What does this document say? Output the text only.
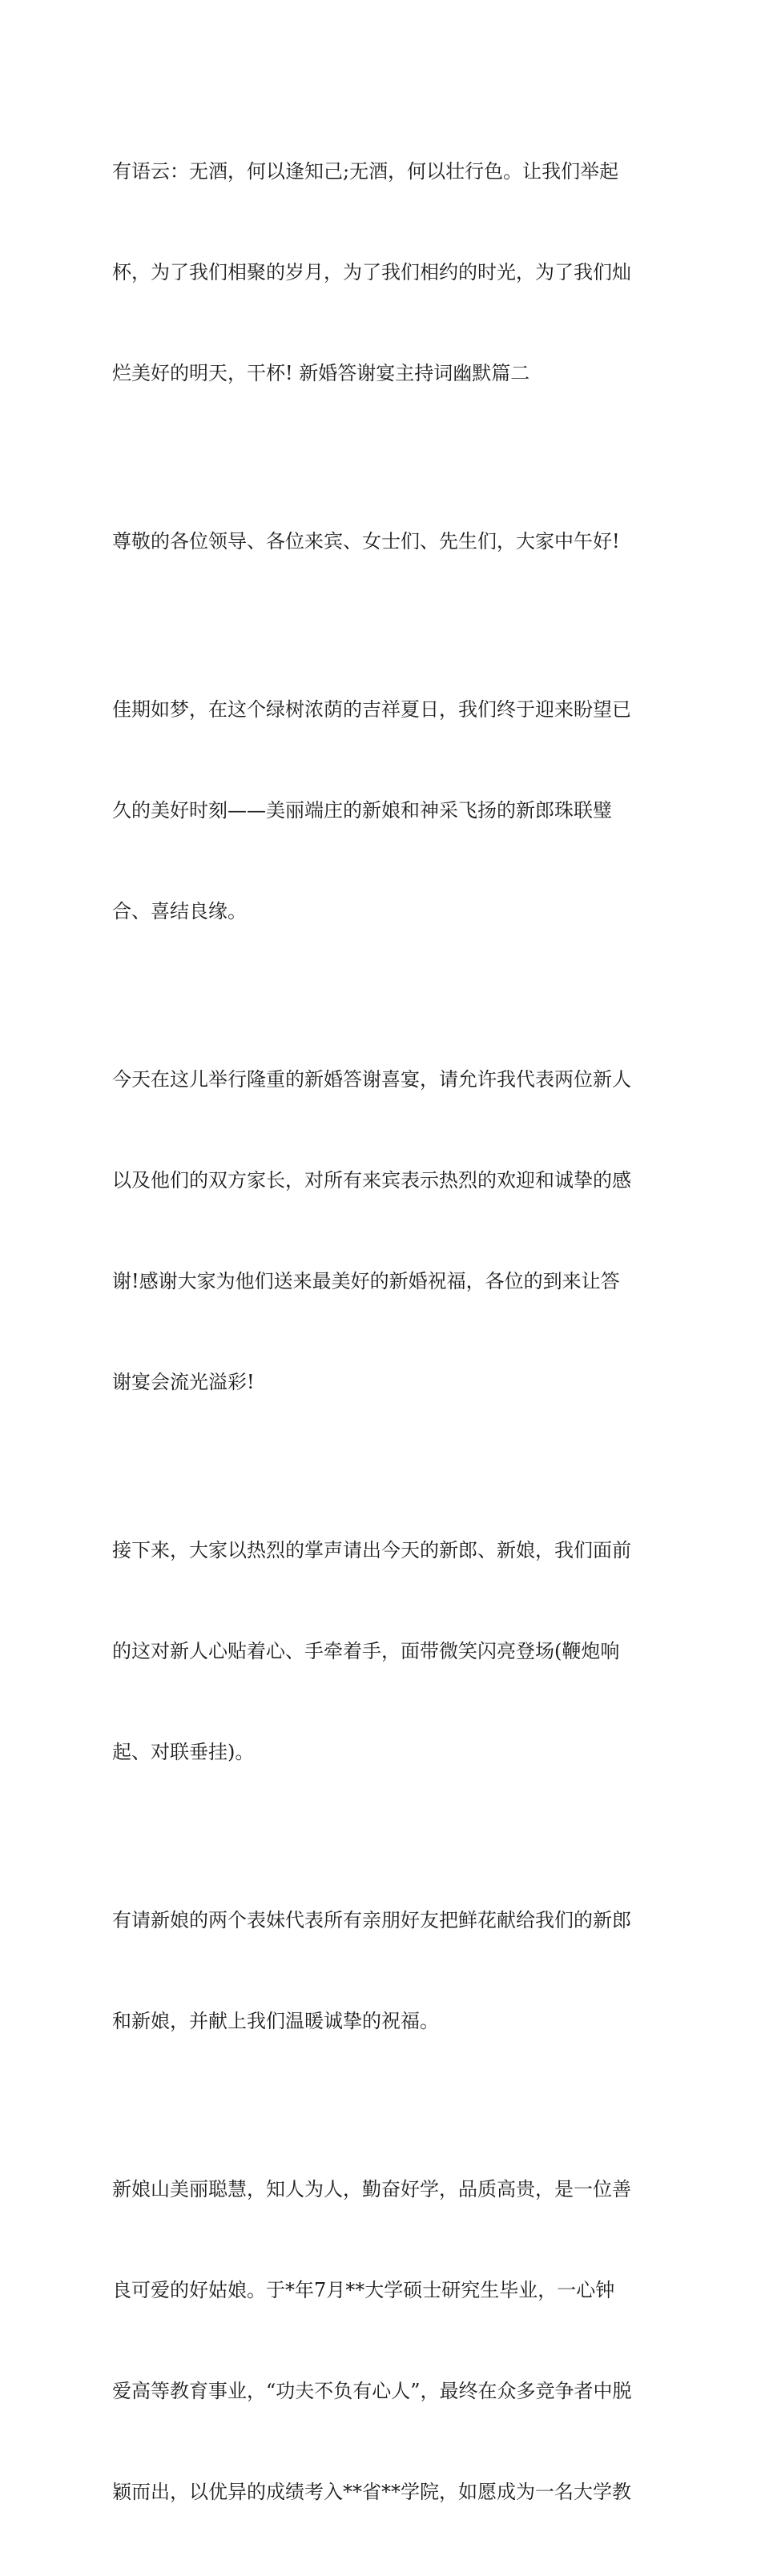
有语云：无酒，何以逢知己;无酒，何以壮行色。让我们举起

杯，为了我们相聚的岁月，为了我们相约的时光，为了我们灿

烂美好的明天，干杯! 新婚答谢宴主持词幽默篇二

尊敬的各位领导、各位来宾、女士们、先生们，大家中午好!

佳期如梦，在这个绿树浓荫的吉祥夏日，我们终于迎来盼望已

久的美好时刻——美丽端庄的新娘和神采飞扬的新郎珠联璧

合、喜结良缘。

今天在这儿举行隆重的新婚答谢喜宴，请允许我代表两位新人

以及他们的双方家长，对所有来宾表示热烈的欢迎和诚挚的感

谢!感谢大家为他们送来最美好的新婚祝福，各位的到来让答

谢宴会流光溢彩!

接下来，大家以热烈的掌声请出今天的新郎、新娘，我们面前

的这对新人心贴着心、手牵着手，面带微笑闪亮登场(鞭炮响

起、对联垂挂)。

有请新娘的两个表妹代表所有亲朋好友把鲜花献给我们的新郎

和新娘，并献上我们温暖诚挚的祝福。

新娘山美丽聪慧，知人为人，勤奋好学，品质高贵，是一位善

良可爱的好姑娘。于*年7月**大学硕士研究生毕业，一心钟

爱高等教育事业，“功夫不负有心人”，最终在众多竞争者中脱

颖而出，以优异的成绩考入**省**学院，如愿成为一名大学教
